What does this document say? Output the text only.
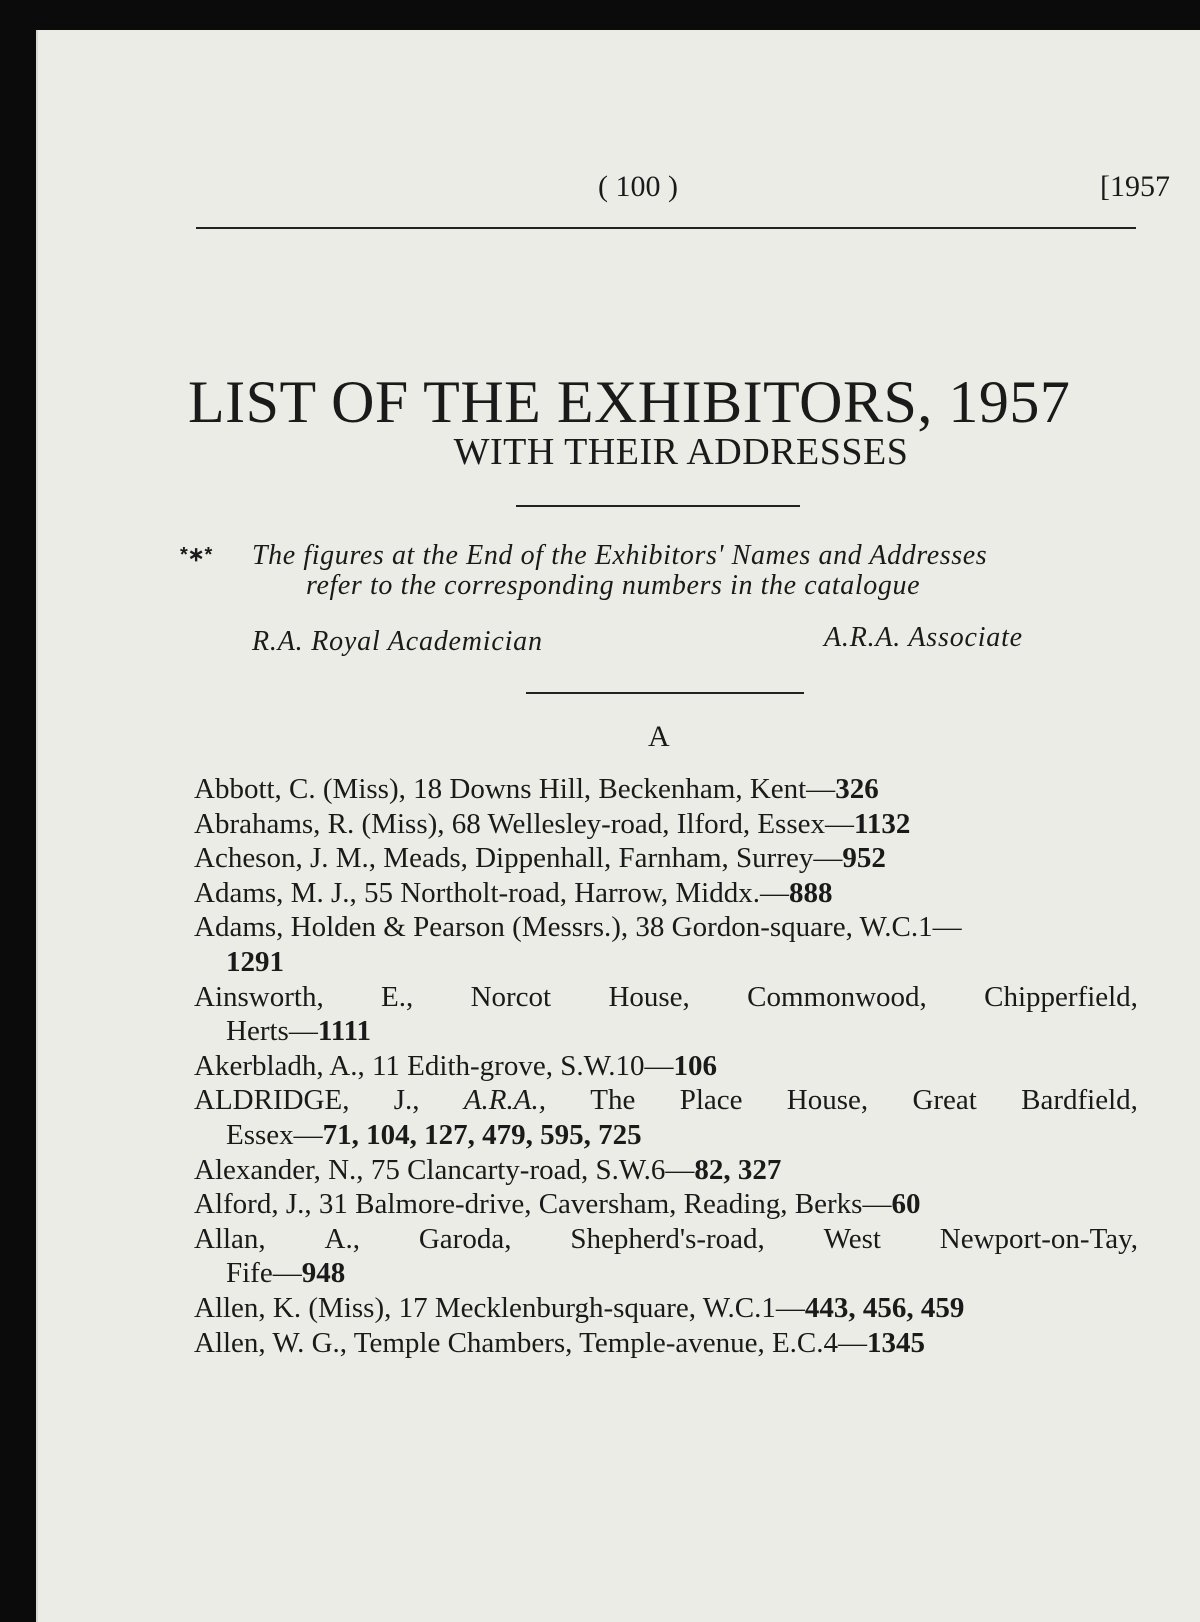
( 100 )	[1957
LIST OF THE EXHIBITORS, 1957
WITH THEIR ADDRESSES
*∗* The figures at the End of the Exhibitors' Names and Addresses
refer to the corresponding numbers in the catalogue
R.A. Royal Academician	A.R.A. Associate
A

Abbott, C. (Miss), 18 Downs Hill, Beckenham, Kent—326

Abrahams, R. (Miss), 68 Wellesley-road, Ilford, Essex—1132

Acheson, J. M., Meads, Dippenhall, Farnham, Surrey—952

Adams, M. J., 55 Northolt-road, Harrow, Middx.—888

Adams, Holden & Pearson (Messrs.), 38 Gordon-square, W.C.1—
1291

Ainsworth, E., Norcot House, Commonwood, Chipperfield,
Herts—1111

Akerbladh, A., 11 Edith-grove, S.W.10—106

ALDRIDGE, J., A.R.A., The Place House, Great Bardfield,
Essex—71, 104, 127, 479, 595, 725

Alexander, N., 75 Clancarty-road, S.W.6—82, 327

Alford, J., 31 Balmore-drive, Caversham, Reading, Berks—60

Allan, A., Garoda, Shepherd's-road, West Newport-on-Tay,
Fife—948

Allen, K. (Miss), 17 Mecklenburgh-square, W.C.1—443, 456, 459

Allen, W. G., Temple Chambers, Temple-avenue, E.C.4—1345
